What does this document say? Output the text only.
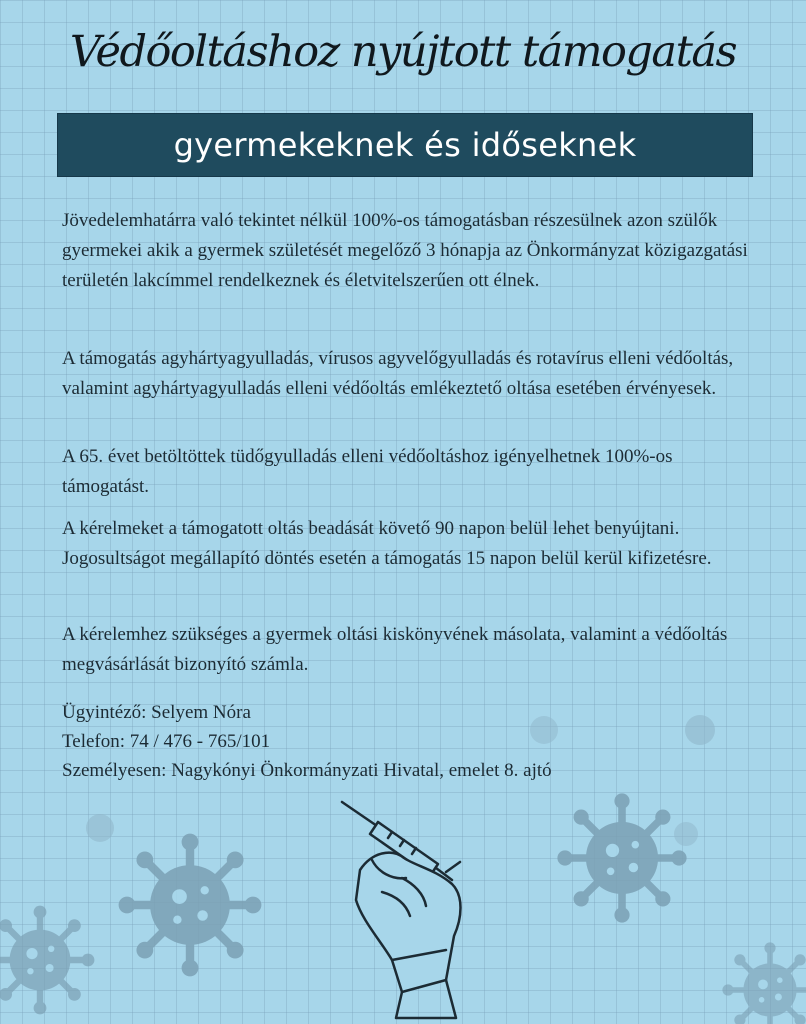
Védőoltáshoz nyújtott támogatás
gyermekeknek és időseknek

Jövedelemhatárra való tekintet nélkül 100%-os támogatásban részesülnek azon szülők gyermekei akik a gyermek születését megelőző 3 hónapja az Önkormányzat közigazgatási területén lakcímmel rendelkeznek és életvitelszerűen ott élnek.

A támogatás agyhártyagyulladás, vírusos agyvelőgyulladás és rotavírus elleni védőoltás, valamint agyhártyagyulladás elleni védőoltás emlékeztető oltása esetében érvényesek.

A 65. évet betöltöttek tüdőgyulladás elleni védőoltáshoz igényelhetnek 100%-os támogatást.

A kérelmeket a támogatott oltás beadását követő 90 napon belül lehet benyújtani. Jogosultságot megállapító döntés esetén a támogatás 15 napon belül kerül kifizetésre.

A kérelemhez szükséges a gyermek oltási kiskönyvének másolata, valamint a védőoltás megvásárlását bizonyító számla.

Ügyintéző: Selyem Nóra
Telefon: 74 / 476 - 765/101
Személyesen: Nagykónyi Önkormányzati Hivatal, emelet 8. ajtó
